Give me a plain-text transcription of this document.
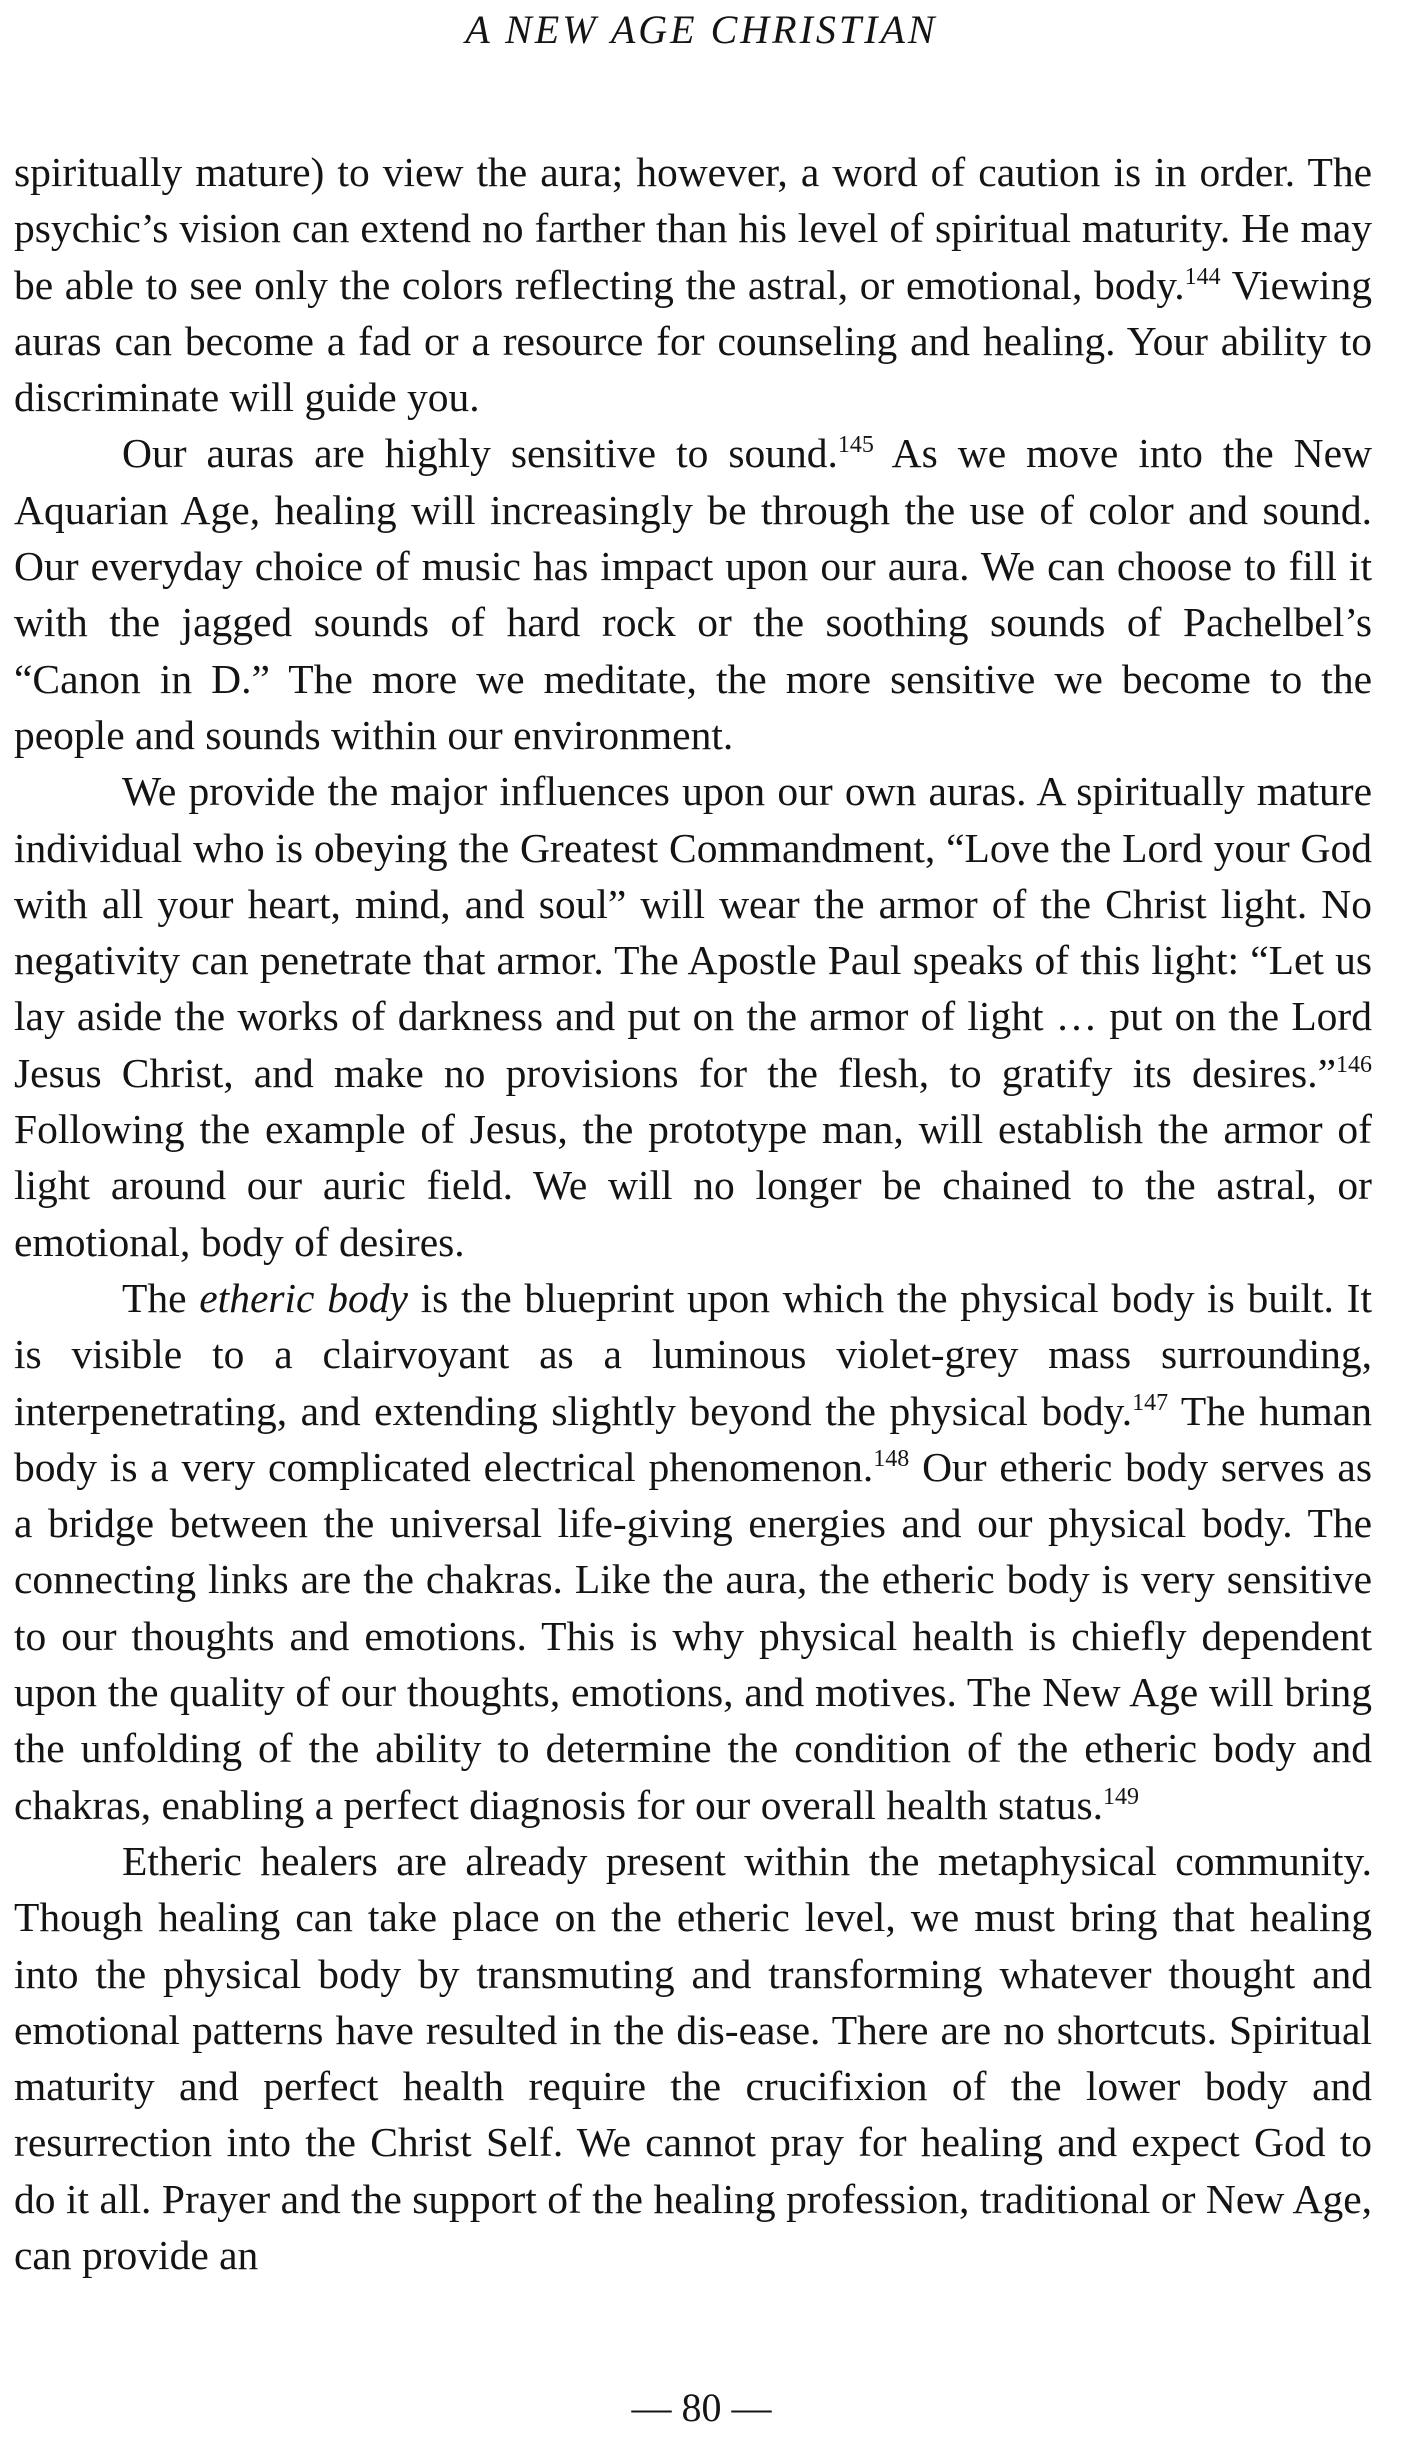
A NEW AGE CHRISTIAN

spiritually mature) to view the aura; however, a word of caution is in order. The psychic’s vision can extend no farther than his level of spiritual maturity. He may be able to see only the colors reflecting the astral, or emotional, body.$^{144}$ Viewing auras can become a fad or a resource for counseling and healing. Your ability to discriminate will guide you.

Our auras are highly sensitive to sound.$^{145}$ As we move into the New Aquarian Age, healing will increasingly be through the use of color and sound. Our everyday choice of music has impact upon our aura. We can choose to fill it with the jagged sounds of hard rock or the soothing sounds of Pachelbel’s “Canon in D.” The more we meditate, the more sensitive we become to the people and sounds within our environment.

We provide the major influences upon our own auras. A spiritually mature individual who is obeying the Greatest Commandment, “Love the Lord your God with all your heart, mind, and soul” will wear the armor of the Christ light. No negativity can penetrate that armor. The Apostle Paul speaks of this light: “Let us lay aside the works of darkness and put on the armor of light … put on the Lord Jesus Christ, and make no provisions for the flesh, to gratify its desires.”$^{146}$ Following the example of Jesus, the prototype man, will establish the armor of light around our auric field. We will no longer be chained to the astral, or emotional, body of desires.

The etheric body is the blueprint upon which the physical body is built. It is visible to a clairvoyant as a luminous violet-grey mass surrounding, interpenetrating, and extending slightly beyond the physical body.$^{147}$ The human body is a very complicated electrical phenomenon.$^{148}$ Our etheric body serves as a bridge between the universal life-giving energies and our physical body. The connecting links are the chakras. Like the aura, the etheric body is very sensitive to our thoughts and emotions. This is why physical health is chiefly dependent upon the quality of our thoughts, emotions, and motives. The New Age will bring the unfolding of the ability to determine the condition of the etheric body and chakras, enabling a perfect diagnosis for our overall health status.$^{149}$

Etheric healers are already present within the metaphysical community. Though healing can take place on the etheric level, we must bring that healing into the physical body by transmuting and transforming whatever thought and emotional patterns have resulted in the dis-ease. There are no shortcuts. Spiritual maturity and perfect health require the crucifixion of the lower body and resurrection into the Christ Self. We cannot pray for healing and expect God to do it all. Prayer and the support of the healing profession, traditional or New Age, can provide an

— 80 —
